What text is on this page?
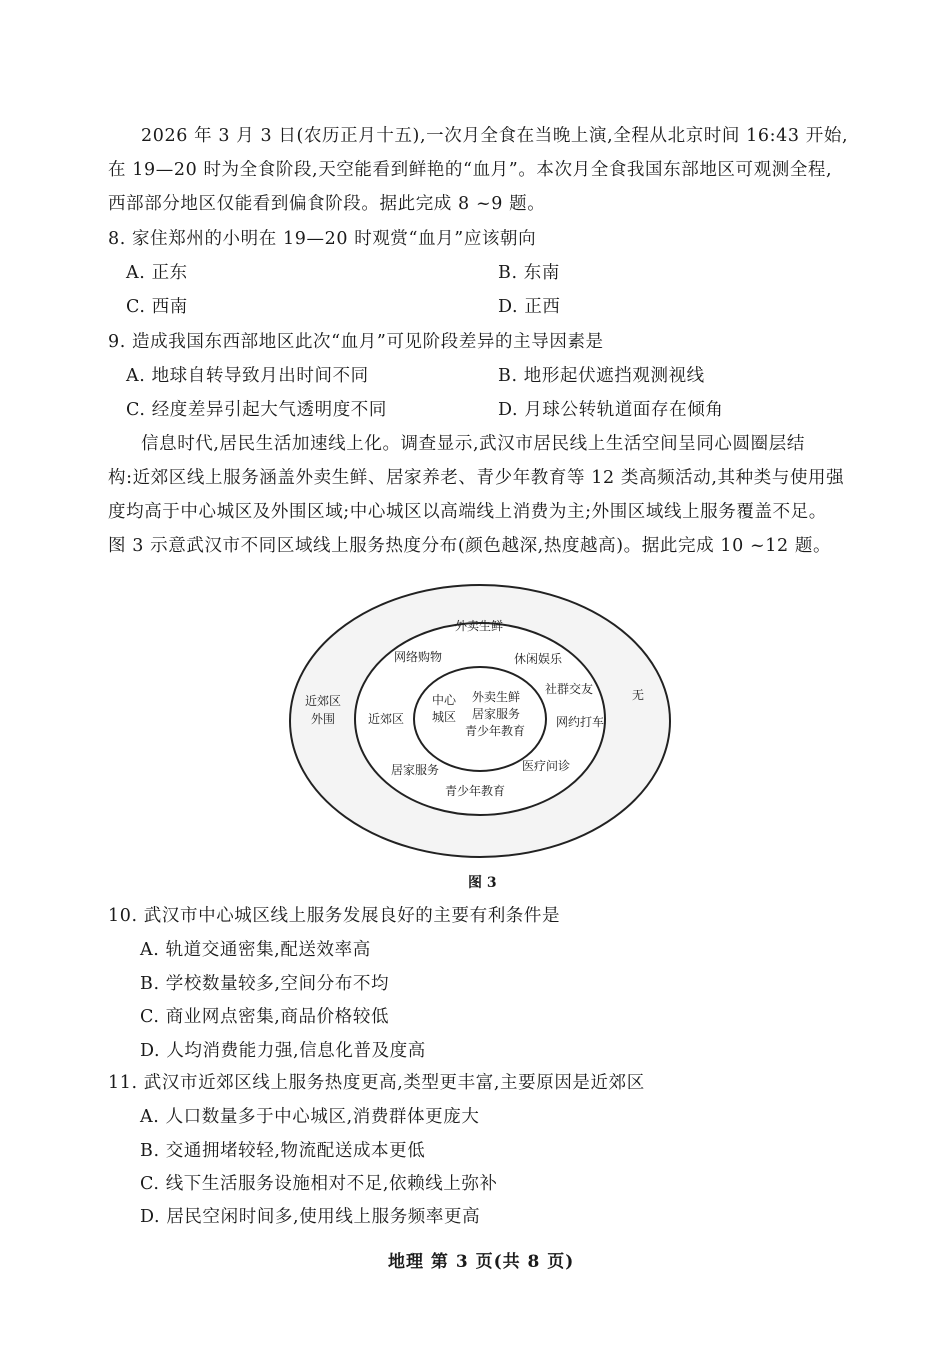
2026 年 3 月 3 日(农历正月十五),一次月全食在当晚上演,全程从北京时间 16:43 开始,
在 19—20 时为全食阶段,天空能看到鲜艳的“血月”。本次月全食我国东部地区可观测全程,
西部部分地区仅能看到偏食阶段。据此完成 8 ~9 题。
8. 家住郑州的小明在 19—20 时观赏“血月”应该朝向
A. 正东	B. 东南
C. 西南	D. 正西
9. 造成我国东西部地区此次“血月”可见阶段差异的主导因素是
A. 地球自转导致月出时间不同	B. 地形起伏遮挡观测视线
C. 经度差异引起大气透明度不同	D. 月球公转轨道面存在倾角
信息时代,居民生活加速线上化。调查显示,武汉市居民线上生活空间呈同心圆圈层结
构:近郊区线上服务涵盖外卖生鲜、居家养老、青少年教育等 12 类高频活动,其种类与使用强
度均高于中心城区及外围区域;中心城区以高端线上消费为主;外围区域线上服务覆盖不足。
图 3 示意武汉市不同区域线上服务热度分布(颜色越深,热度越高)。据此完成 10 ~12 题。
近郊区
外围
无
近郊区
中心
城区
外卖生鲜
居家服务
青少年教育
外卖生鲜
网络购物	休闲娱乐
社群交友
网约打车
医疗问诊
青少年教育
居家服务
图 3
10. 武汉市中心城区线上服务发展良好的主要有利条件是
A. 轨道交通密集,配送效率高
B. 学校数量较多,空间分布不均
C. 商业网点密集,商品价格较低
D. 人均消费能力强,信息化普及度高
11. 武汉市近郊区线上服务热度更高,类型更丰富,主要原因是近郊区
A. 人口数量多于中心城区,消费群体更庞大
B. 交通拥堵较轻,物流配送成本更低
C. 线下生活服务设施相对不足,依赖线上弥补
D. 居民空闲时间多,使用线上服务频率更高
地理 第 3 页(共 8 页)
